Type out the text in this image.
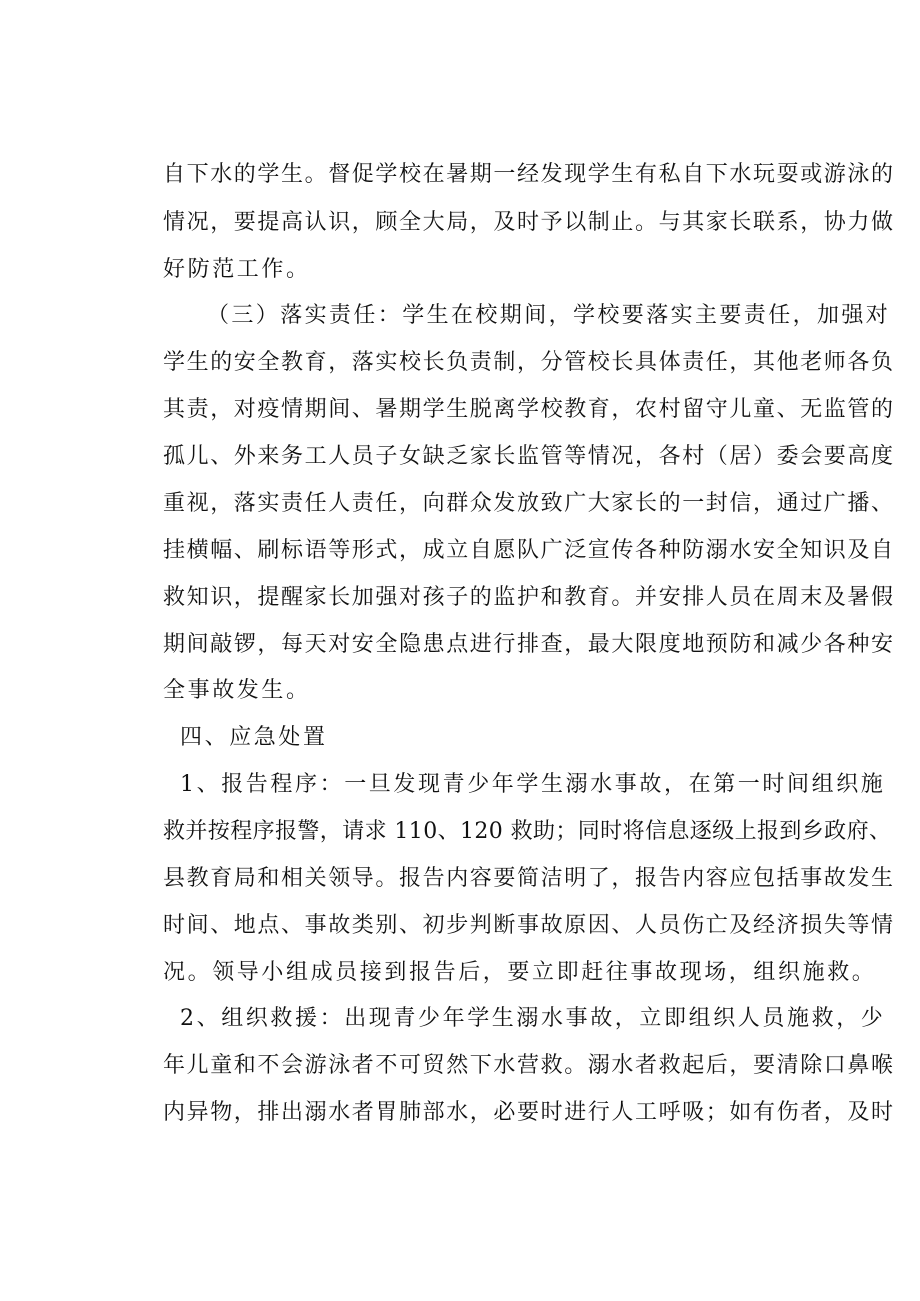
自下水的学生。督促学校在暑期一经发现学生有私自下水玩耍或游泳的
情况，要提高认识，顾全大局，及时予以制止。与其家长联系，协力做
好防范工作。
（三）落实责任：学生在校期间，学校要落实主要责任，加强对
学生的安全教育，落实校长负责制，分管校长具体责任，其他老师各负
其责，对疫情期间、暑期学生脱离学校教育，农村留守儿童、无监管的
孤儿、外来务工人员子女缺乏家长监管等情况，各村（居）委会要高度
重视，落实责任人责任，向群众发放致广大家长的一封信，通过广播、
挂横幅、刷标语等形式，成立自愿队广泛宣传各种防溺水安全知识及自
救知识，提醒家长加强对孩子的监护和教育。并安排人员在周末及暑假
期间敲锣，每天对安全隐患点进行排查，最大限度地预防和减少各种安
全事故发生。
四、应急处置
1、报告程序：一旦发现青少年学生溺水事故，在第一时间组织施
救并按程序报警，请求 110、120 救助；同时将信息逐级上报到乡政府、
县教育局和相关领导。报告内容要简洁明了，报告内容应包括事故发生
时间、地点、事故类别、初步判断事故原因、人员伤亡及经济损失等情
况。领导小组成员接到报告后，要立即赶往事故现场，组织施救。
2、组织救援：出现青少年学生溺水事故，立即组织人员施救，少
年儿童和不会游泳者不可贸然下水营救。溺水者救起后，要清除口鼻喉
内异物，排出溺水者胃肺部水，必要时进行人工呼吸；如有伤者，及时
